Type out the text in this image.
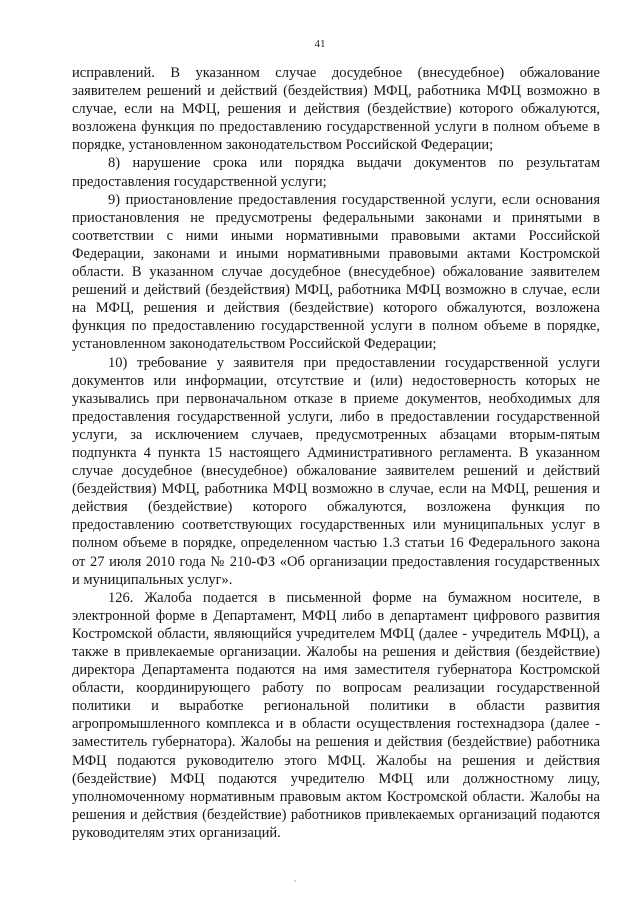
41

исправлений. В указанном случае досудебное (внесудебное) обжалование заявителем решений и действий (бездействия) МФЦ, работника МФЦ возможно в случае, если на МФЦ, решения и действия (бездействие) которого обжалуются, возложена функция по предоставлению государственной услуги в полном объеме в порядке, установленном законодательством Российской Федерации;

8) нарушение срока или порядка выдачи документов по результатам предоставления государственной услуги;

9) приостановление предоставления государственной услуги, если основания приостановления не предусмотрены федеральными законами и принятыми в соответствии с ними иными нормативными правовыми актами Российской Федерации, законами и иными нормативными правовыми актами Костромской области. В указанном случае досудебное (внесудебное) обжалование заявителем решений и действий (бездействия) МФЦ, работника МФЦ возможно в случае, если на МФЦ, решения и действия (бездействие) которого обжалуются, возложена функция по предоставлению государственной услуги в полном объеме в порядке, установленном законодательством Российской Федерации;

10) требование у заявителя при предоставлении государственной услуги документов или информации, отсутствие и (или) недостоверность которых не указывались при первоначальном отказе в приеме документов, необходимых для предоставления государственной услуги, либо в предоставлении государственной услуги, за исключением случаев, предусмотренных абзацами вторым-пятым подпункта 4 пункта 15 настоящего Административного регламента. В указанном случае досудебное (внесудебное) обжалование заявителем решений и действий (бездействия) МФЦ, работника МФЦ возможно в случае, если на МФЦ, решения и действия (бездействие) которого обжалуются, возложена функция по предоставлению соответствующих государственных или муниципальных услуг в полном объеме в порядке, определенном частью 1.3 статьи 16 Федерального закона от 27 июля 2010 года № 210-ФЗ «Об организации предоставления государственных и муниципальных услуг».

126. Жалоба подается в письменной форме на бумажном носителе, в электронной форме в Департамент, МФЦ либо в департамент цифрового развития Костромской области, являющийся учредителем МФЦ (далее - учредитель МФЦ), а также в привлекаемые организации. Жалобы на решения и действия (бездействие) директора Департамента подаются на имя заместителя губернатора Костромской области, координирующего работу по вопросам реализации государственной политики и выработке региональной политики в области развития агропромышленного комплекса и в области осуществления гостехнадзора (далее - заместитель губернатора). Жалобы на решения и действия (бездействие) работника МФЦ подаются руководителю этого МФЦ. Жалобы на решения и действия (бездействие) МФЦ подаются учредителю МФЦ или должностному лицу, уполномоченному нормативным правовым актом Костромской области. Жалобы на решения и действия (бездействие) работников привлекаемых организаций подаются руководителям этих организаций.
